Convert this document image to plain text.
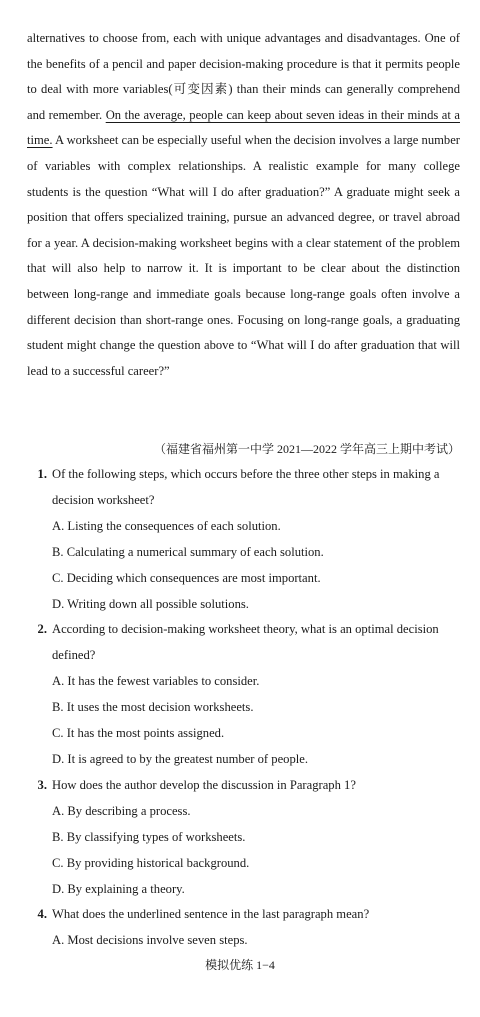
alternatives to choose from, each with unique advantages and disadvantages. One of the benefits of a pencil and paper decision-making procedure is that it permits people to deal with more variables(可变因素) than their minds can generally comprehend and remember. On the average, people can keep about seven ideas in their minds at a time. A worksheet can be especially useful when the decision involves a large number of variables with complex relationships. A realistic example for many college students is the question “What will I do after graduation?” A graduate might seek a position that offers specialized training, pursue an advanced degree, or travel abroad for a year. A decision-making worksheet begins with a clear statement of the problem that will also help to narrow it. It is important to be clear about the distinction between long-range and immediate goals because long-range goals often involve a different decision than short-range ones. Focusing on long-range goals, a graduating student might change the question above to “What will I do after graduation that will lead to a successful career?”

（福建省福州第一中学 2021—2022 学年高三上期中考试）
1. Of the following steps, which occurs before the three other steps in making a decision worksheet?
A. Listing the consequences of each solution.
B. Calculating a numerical summary of each solution.
C. Deciding which consequences are most important.
D. Writing down all possible solutions.
2. According to decision-making worksheet theory, what is an optimal decision defined?
A. It has the fewest variables to consider.
B. It uses the most decision worksheets.
C. It has the most points assigned.
D. It is agreed to by the greatest number of people.
3. How does the author develop the discussion in Paragraph 1?
A. By describing a process.
B. By classifying types of worksheets.
C. By providing historical background.
D. By explaining a theory.
4. What does the underlined sentence in the last paragraph mean?
A. Most decisions involve seven steps.
模拟优练 1−4
